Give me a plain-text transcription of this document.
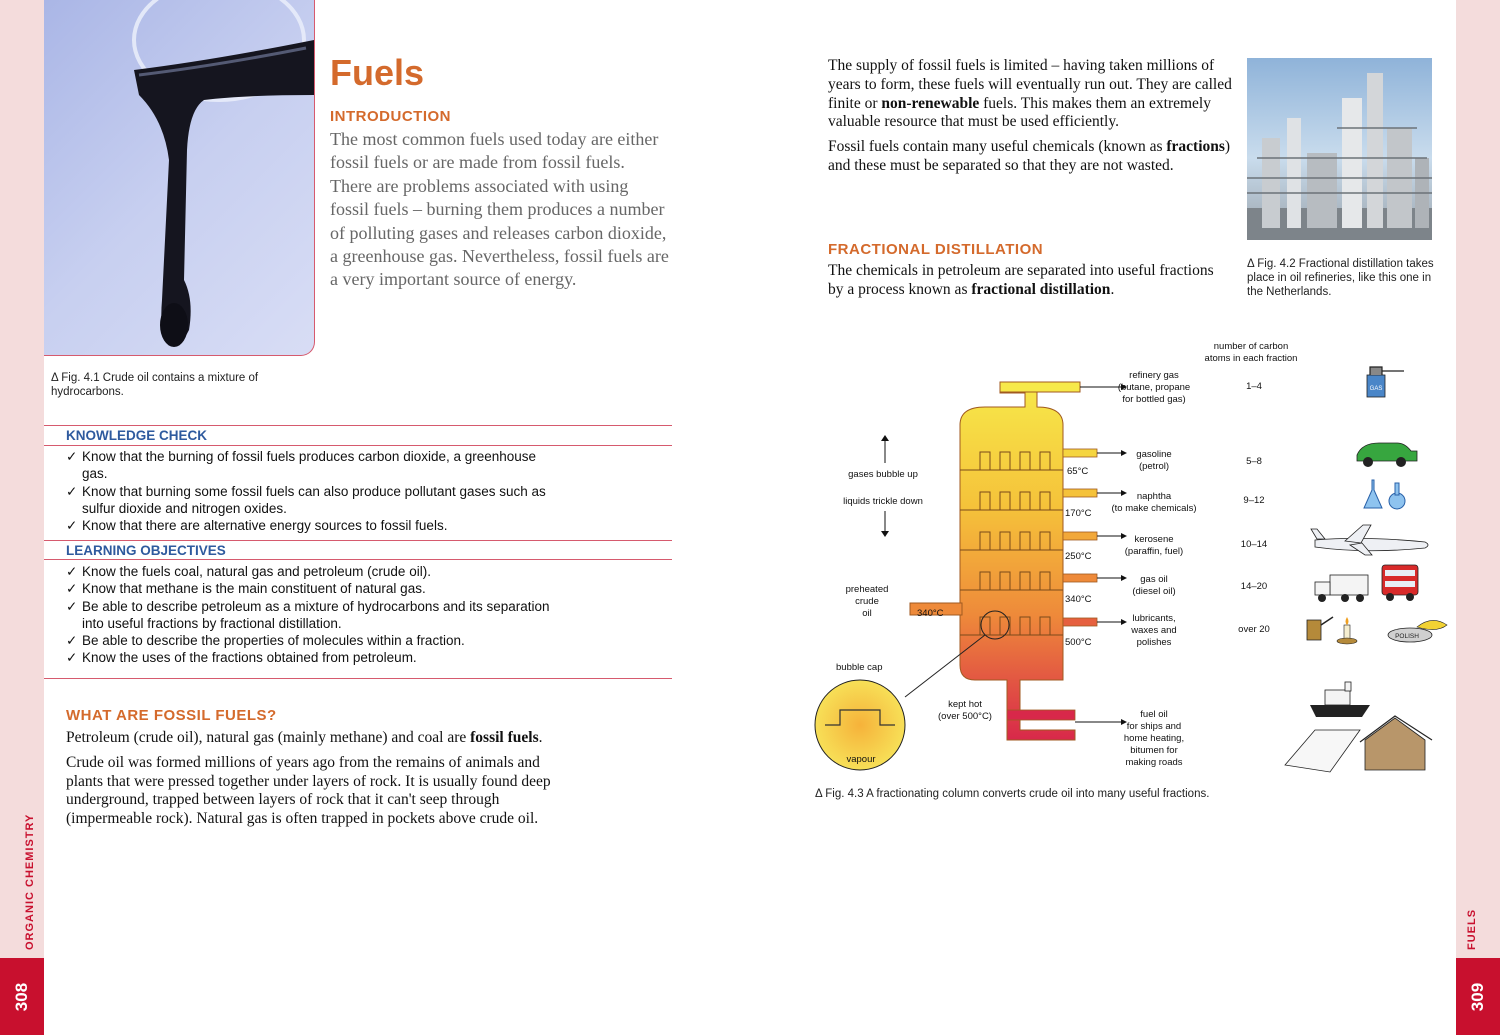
ORGANIC CHEMISTRY
308
FUELS
309
Δ Fig. 4.1 Crude oil contains a mixture of hydrocarbons.
Fuels
INTRODUCTION
The most common fuels used today are either fossil fuels or are made from fossil fuels. There are problems associated with using fossil fuels – burning them produces a number of polluting gases and releases carbon dioxide, a greenhouse gas. Nevertheless, fossil fuels are a very important source of energy.
KNOWLEDGE CHECK
✓ Know that the burning of fossil fuels produces carbon dioxide, a greenhouse gas.
✓ Know that burning some fossil fuels can also produce pollutant gases such as sulfur dioxide and nitrogen oxides.
✓ Know that there are alternative energy sources to fossil fuels.
LEARNING OBJECTIVES
✓ Know the fuels coal, natural gas and petroleum (crude oil).
✓ Know that methane is the main constituent of natural gas.
✓ Be able to describe petroleum as a mixture of hydrocarbons and its separation into useful fractions by fractional distillation.
✓ Be able to describe the properties of molecules within a fraction.
✓ Know the uses of the fractions obtained from petroleum.
WHAT ARE FOSSIL FUELS?

Petroleum (crude oil), natural gas (mainly methane) and coal are fossil fuels.

Crude oil was formed millions of years ago from the remains of animals and plants that were pressed together under layers of rock. It is usually found deep underground, trapped between layers of rock that it can't seep through (impermeable rock). Natural gas is often trapped in pockets above crude oil.

The supply of fossil fuels is limited – having taken millions of years to form, these fuels will eventually run out. They are called finite or non-renewable fuels. This makes them an extremely valuable resource that must be used efficiently.

Fossil fuels contain many useful chemicals (known as fractions) and these must be separated so that they are not wasted.

FRACTIONAL DISTILLATION

The chemicals in petroleum are separated into useful fractions by a process known as fractional distillation.

Δ Fig. 4.2 Fractional distillation takes place in oil refineries, like this one in the Netherlands.
number of carbon
atoms in each fraction
bubble cap
vapour
gases bubble up
liquids trickle down
preheated
crude
oil	340°C
kept hot
(over 500°C)
65°C
170°C
250°C
340°C
500°C
refinery gas
(butane, propane
for bottled gas)
gasoline
(petrol)
naphtha
(to make chemicals)
kerosene
(paraffin, fuel)
gas oil
(diesel oil)
lubricants,
waxes and
polishes
fuel oil
for ships and
home heating,
bitumen for
making roads
1–4
5–8
9–12
10–14
14–20
over 20
GAS
POLISH
Δ Fig. 4.3 A fractionating column converts crude oil into many useful fractions.
